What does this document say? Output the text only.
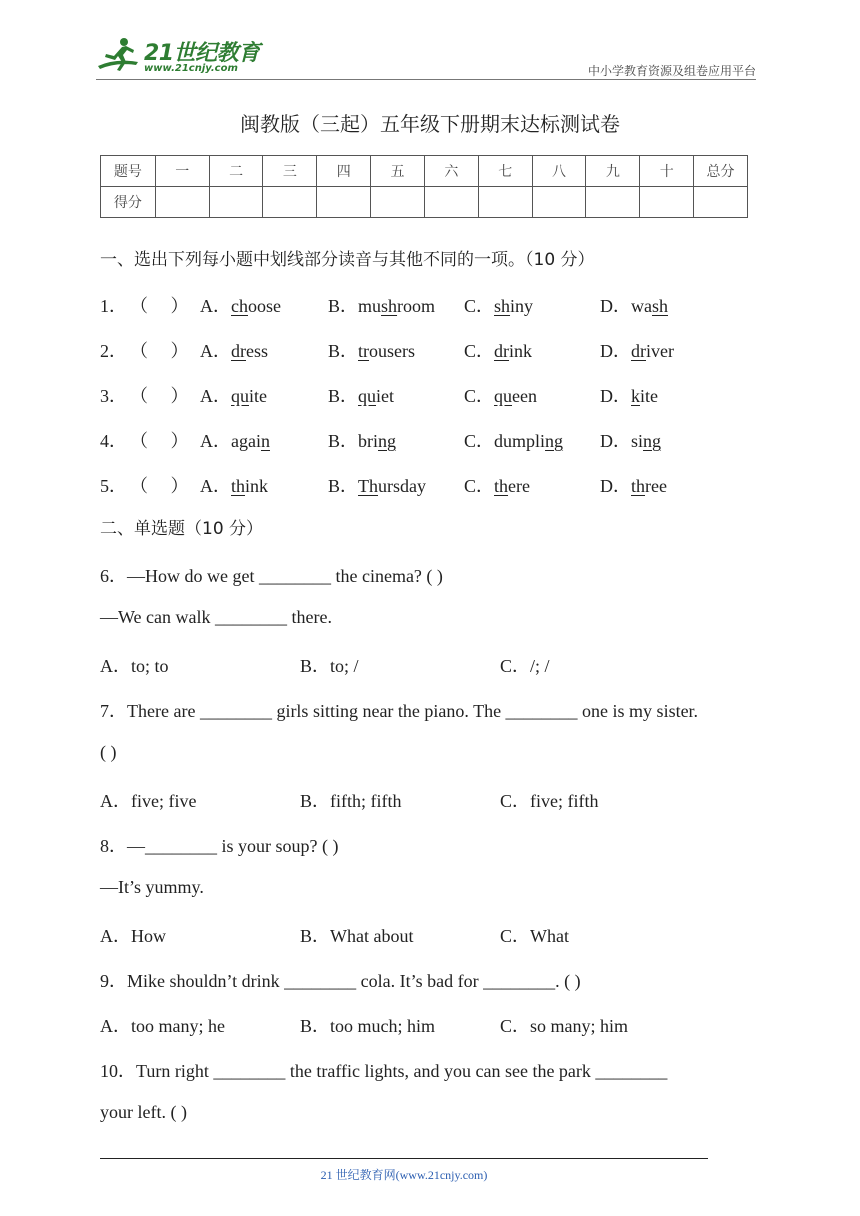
21世纪教育
www.21cnjy.com	中小学教育资源及组卷应用平台
闽教版（三起）五年级下册期末达标测试卷
题号	一	二	三	四	五	六	七	八	九	十	总分
得分											
一、选出下列每小题中划线部分读音与其他不同的一项。（10 分）
1． （　 ） A．choose	B．mushroom C．shiny	D．wash
2． （　 ） A．dress	B．trousers	C．drink	D．driver
3． （　 ） A．quite	B．quiet	C．queen	D．kite
4． （　 ） A．again	B．bring	C．dumpling D．sing
5． （　 ） A．think	B．Thursday C．there	D．three
二、单选题（10 分）
6．—How do we get ________ the cinema? ( )
—We can walk ________ there.
A．to; to	B．to; /	C．/; /
7．There are ________ girls sitting near the piano. The ________ one is my sister.
( )
A．five; five	B．fifth; fifth	C．five; fifth
8．—________ is your soup? ( )
—It’s yummy.
A．How	B．What about	C．What
9．Mike shouldn’t drink ________ cola. It’s bad for ________. ( )
A．too many; he	B．too much; him	C．so many; him
10．Turn right ________ the traffic lights, and you can see the park ________
your left. ( )
21 世纪教育网(www.21cnjy.com)
